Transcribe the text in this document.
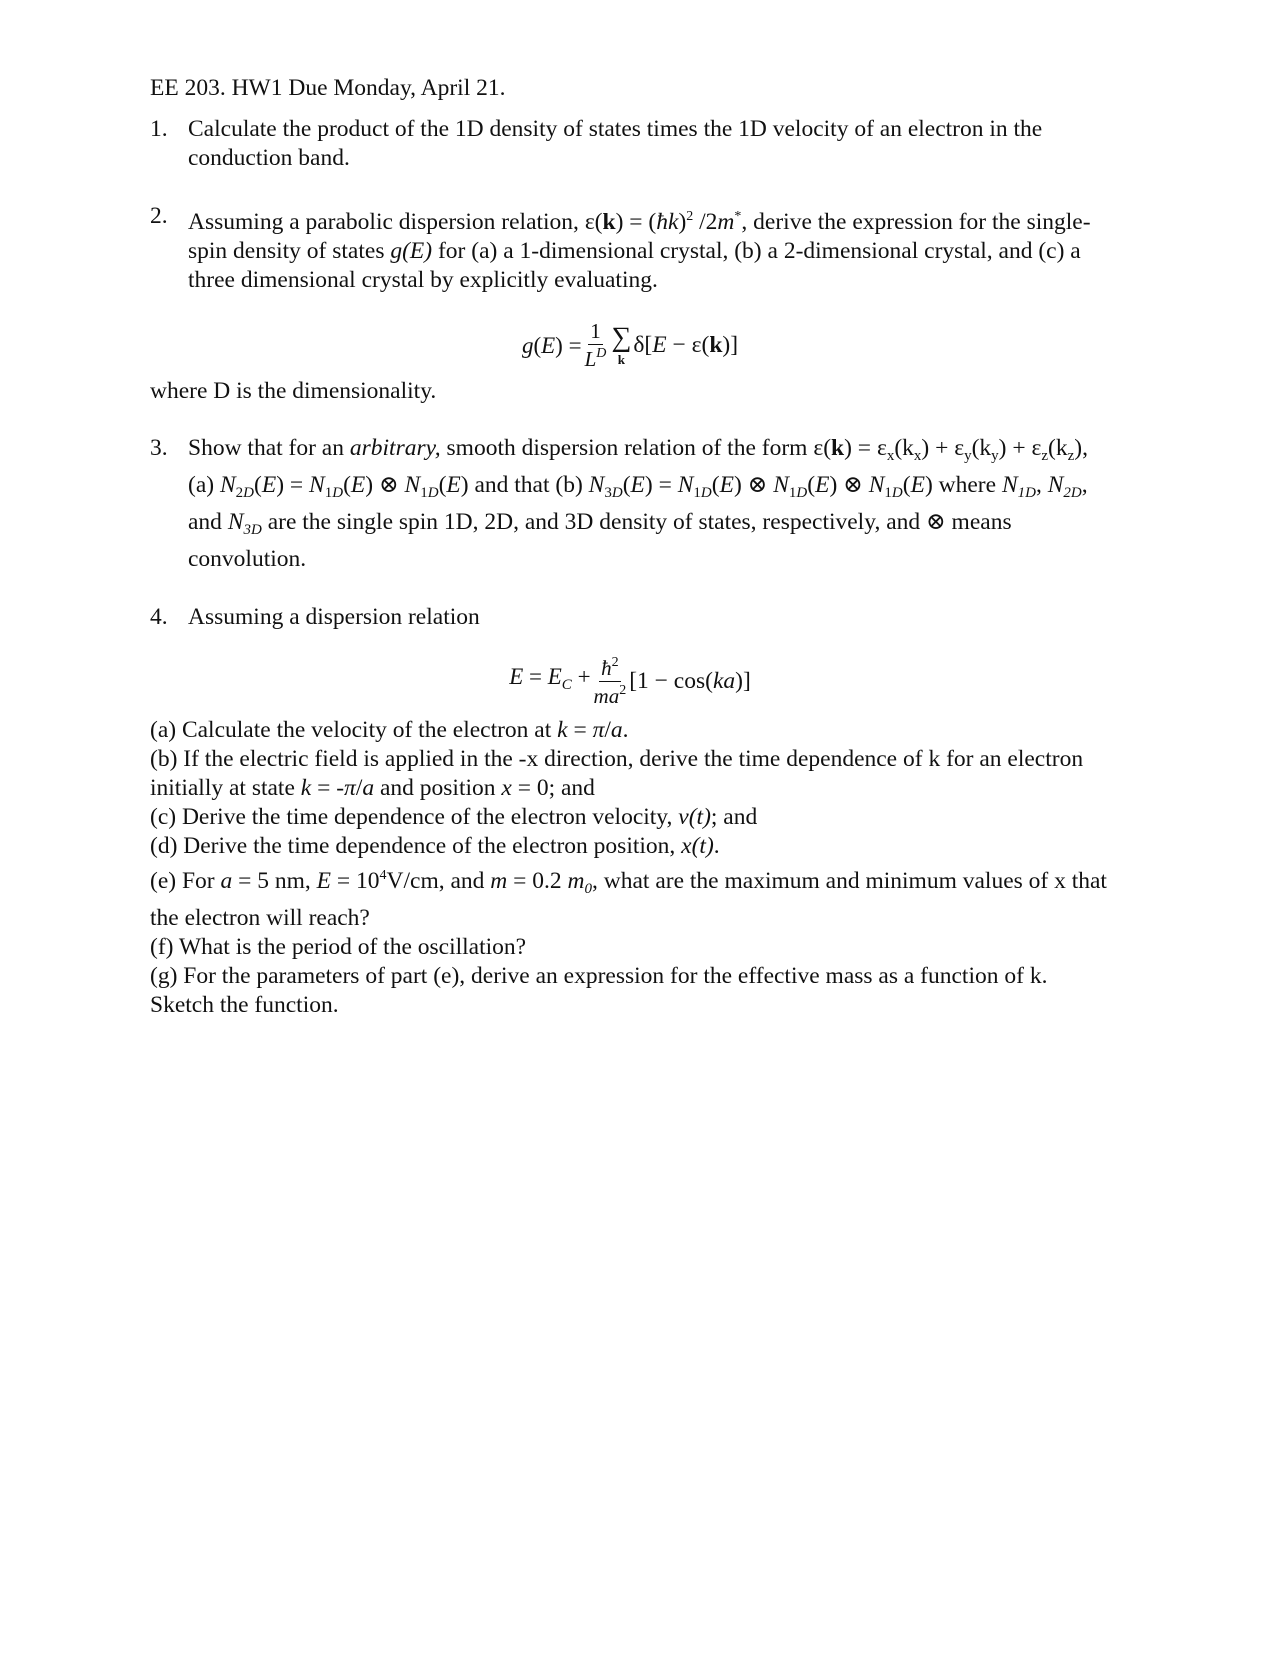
EE 203. HW1 Due Monday, April 21.

1. Calculate the product of the 1D density of states times the 1D velocity of an electron in the conduction band.
2. Assuming a parabolic dispersion relation, ε(k) = (ħk)$^2$ /2m*, derive the expression for the single-spin density of states g(E) for (a) a 1-dimensional crystal, (b) a 2-dimensional crystal, and (c) a three dimensional crystal by explicitly evaluating.
$g(E) = \frac{1}{L^D}$ ∑
k
δ[E − ε(k)]

where D is the dimensionality.

3. Show that for an arbitrary, smooth dispersion relation of the form $\varepsilon(k) = \varepsilon_x(k_x) + \varepsilon_y(k_y) + \varepsilon_z(k_z)$, (a) $N_{2D}(E) = N_{1D}(E)$ ⊗ $N_{1D}(E)$ and that (b) $N_{3D}(E) = N_{1D}(E)$ ⊗ $N_{1D}(E)$ ⊗ $N_{1D}(E)$ where $N_{1D}$, $N_{2D}$, and $N_{3D}$ are the single spin 1D, 2D, and 3D density of states, respectively, and ⊗ means convolution.
4. Assuming a dispersion relation
$E = E_C + \frac{ħ^2}{ma^2} [1 - \cos(ka)]$

(a) Calculate the velocity of the electron at k = π/a.

(b) If the electric field is applied in the -x direction, derive the time dependence of k for an electron initially at state k = -π/a and position x = 0; and

(c) Derive the time dependence of the electron velocity, v(t); and

(d) Derive the time dependence of the electron position, x(t).

(e) For a = 5 nm, $E = 10^4V/cm$, and m = 0.2 $m_0$, what are the maximum and minimum values of x that the electron will reach?

(f) What is the period of the oscillation?

(g) For the parameters of part (e), derive an expression for the effective mass as a function of k. Sketch the function.
